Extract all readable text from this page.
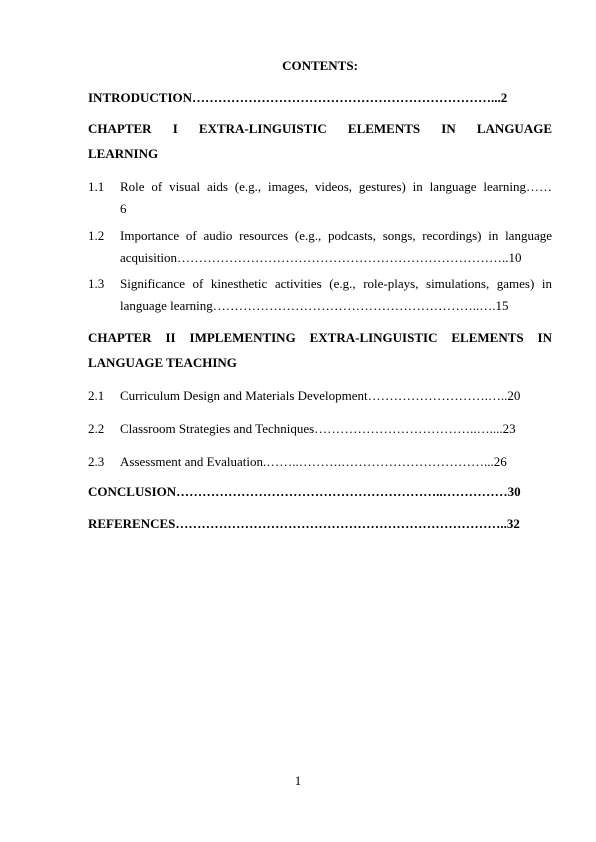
CONTENTS:
INTRODUCTION……………………………………………………………...2
CHAPTER I EXTRA-LINGUISTIC ELEMENTS IN LANGUAGE
LEARNING
1.1 Role of visual aids (e.g., images, videos, gestures) in language learning……
6
1.2 Importance of audio resources (e.g., podcasts, songs, recordings) in language
acquisition…………………………………………………………………..10
1.3 Significance of kinesthetic activities (e.g., role-plays, simulations, games) in
language learning……………………………………………………..….15
CHAPTER II IMPLEMENTING EXTRA-LINGUISTIC ELEMENTS IN
LANGUAGE TEACHING
2.1 Curriculum Design and Materials Development……………………….…..20
2.2 Classroom Strategies and Techniques………………………………..…....23
2.3 Assessment and Evaluation.……..……….……………………………...26
CONCLUSION……………………………………………………..……………30
REFERENCES…………………………………………………………………..32
1
